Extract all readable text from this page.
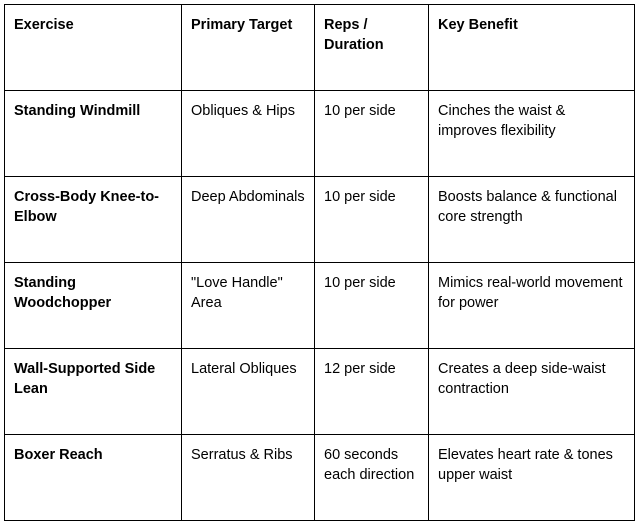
Exercise	Primary Target	Reps / Duration	Key Benefit
Standing Windmill	Obliques & Hips	10 per side	Cinches the waist & improves flexibility
Cross-Body Knee-to-Elbow	Deep Abdominals	10 per side	Boosts balance & functional core strength
Standing Woodchopper	"Love Handle" Area	10 per side	Mimics real-world movement for power
Wall-Supported Side Lean	Lateral Obliques	12 per side	Creates a deep side-waist contraction
Boxer Reach	Serratus & Ribs	60 seconds each direction	Elevates heart rate & tones upper waist
